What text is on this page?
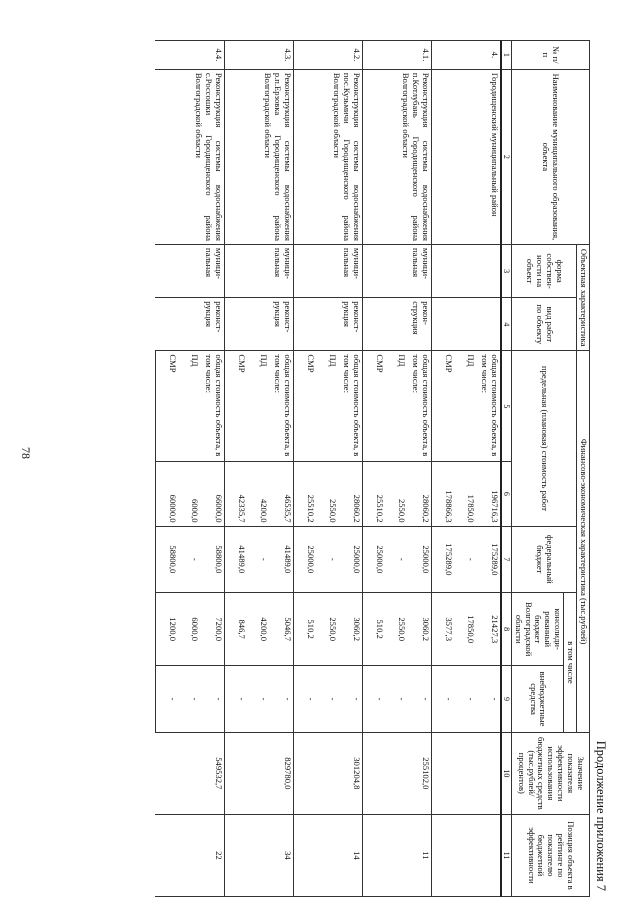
78
Продолжение приложения 7
№ п/п	Наименование муниципального образования, объекта	Объектная характеристика		Финансово-экономическая характеристика (тыс.рублей)					Значение показателя эффективности использования бюджетных средств (тыс.рублей/процентов)	Позиция объекта в рейтинге по показателю бюджетной эффективности
		форма собствен-ности на объект	вид работ по объекту	предельная (плановая) стоимость работ		федеральный бюджет	в том числе			
							консолиди-рованный бюджет Волгоградской области	внебюджетные средства		
1	2	3	4	5	6	7	8	9	10	11
4.	Городищенский муниципальный район			общая стоимость объекта, в том числе:	196716,3	175289,0	21427,3	-		
				ПД	17850,0	-	17850,0	-		
				СМР	178866,3	175289,0	3577,3	-		
4.1.	Реконструкция системы водоснабжения п.Котлубань Городищенского района Волгоградской области	муници-пальная	рекон-струкция	общая стоимость объекта, в том числе:	28060,2	25000,0	3060,2	-	255102,0	11
				ПД	2550,0	-	2550,0	-		
				СМР	25510,2	25000,0	510,2	-		
4.2.	Реконструкция системы водоснабжения пос.Кузьмичи Городищенского района Волгоградской области	муници-пальная	реконст-рукция	общая стоимость объекта, в том числе:	28060,2	25000,0	3060,2	-	301204,8	14
				ПД	2550,0	-	2550,0	-		
				СМР	25510,2	25000,0	510,2	-		
4.3.	Реконструкция системы водоснабжения р.п.Ерзовка Городищенского района Волгоградской области	муници-пальная	реконст-рукция	общая стоимость объекта, в том числе:	46535,7	41489,0	5046,7	-	829780,0	34
				ПД	4200,0	-	4200,0	-		
				СМР	42335,7	41489,0	846,7	-		
4.4.	Реконструкция системы водоснабжения с.Россошки Городищенского района Волгоградской области	муници-пальная	реконст-рукция	общая стоимость объекта, в том числе:	66000,0	58800,0	7200,0	-	549532,7	22
				ПД	6000,0	-	6000,0	-		
				СМР	60000,0	58800,0	1200,0	-		
